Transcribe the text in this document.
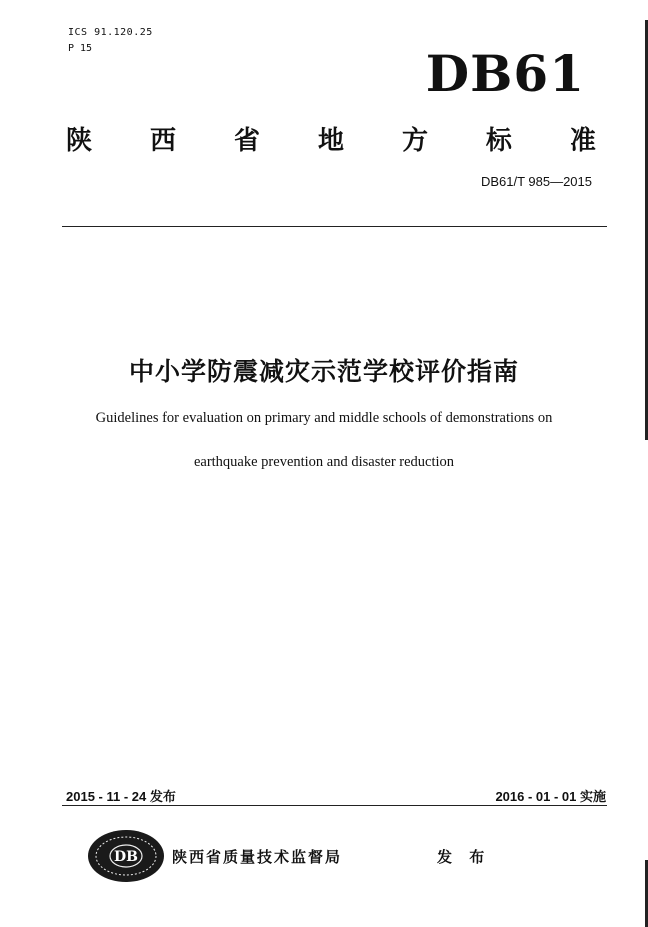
ICS 91.120.25
P 15	DB61
陕 西 省 地 方 标 准
DB61/T 985—2015
中小学防震减灾示范学校评价指南
Guidelines for evaluation on primary and middle schools of demonstrations on
earthquake prevention and disaster reduction
2015 - 11 - 24 发布	2016 - 01 - 01 实施
DB 陕西省质量技术监督局	发 布
